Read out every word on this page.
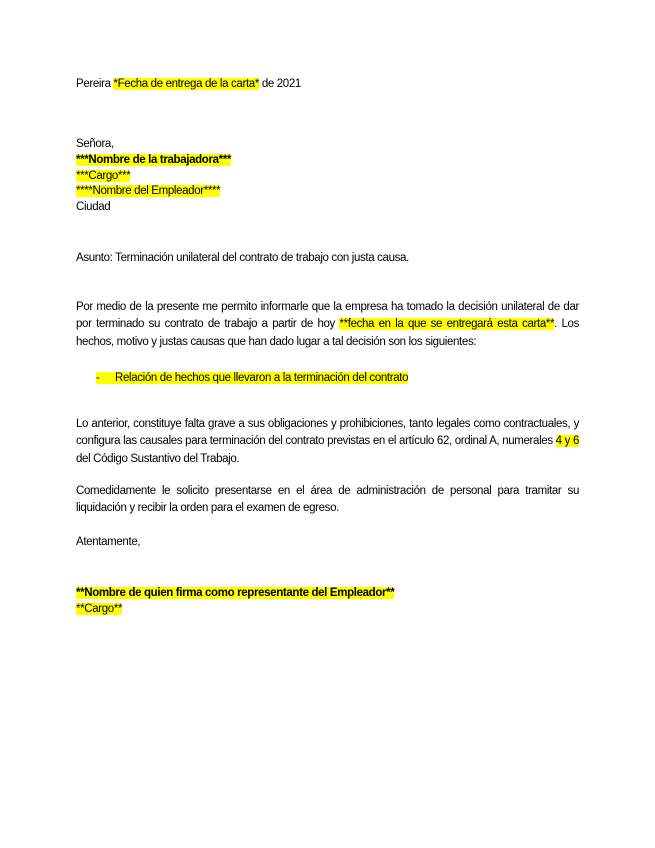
Pereira *Fecha de entrega de la carta* de 2021
Señora,
***Nombre de la trabajadora***
***Cargo***
****Nombre del Empleador****
Ciudad
Asunto: Terminación unilateral del contrato de trabajo con justa causa.
Por medio de la presente me permito informarle que la empresa ha tomado la decisión unilateral de dar por terminado su contrato de trabajo a partir de hoy **fecha en la que se entregará esta carta**. Los hechos, motivo y justas causas que han dado lugar a tal decisión son los siguientes:
- Relación de hechos que llevaron a la terminación del contrato
Lo anterior, constituye falta grave a sus obligaciones y prohibiciones, tanto legales como contractuales, y configura las causales para terminación del contrato previstas en el artículo 62, ordinal A, numerales 4 y 6 del Código Sustantivo del Trabajo.
Comedidamente le solicito presentarse en el área de administración de personal para tramitar su liquidación y recibir la orden para el examen de egreso.
Atentamente,
**Nombre de quien firma como representante del Empleador**
**Cargo**
